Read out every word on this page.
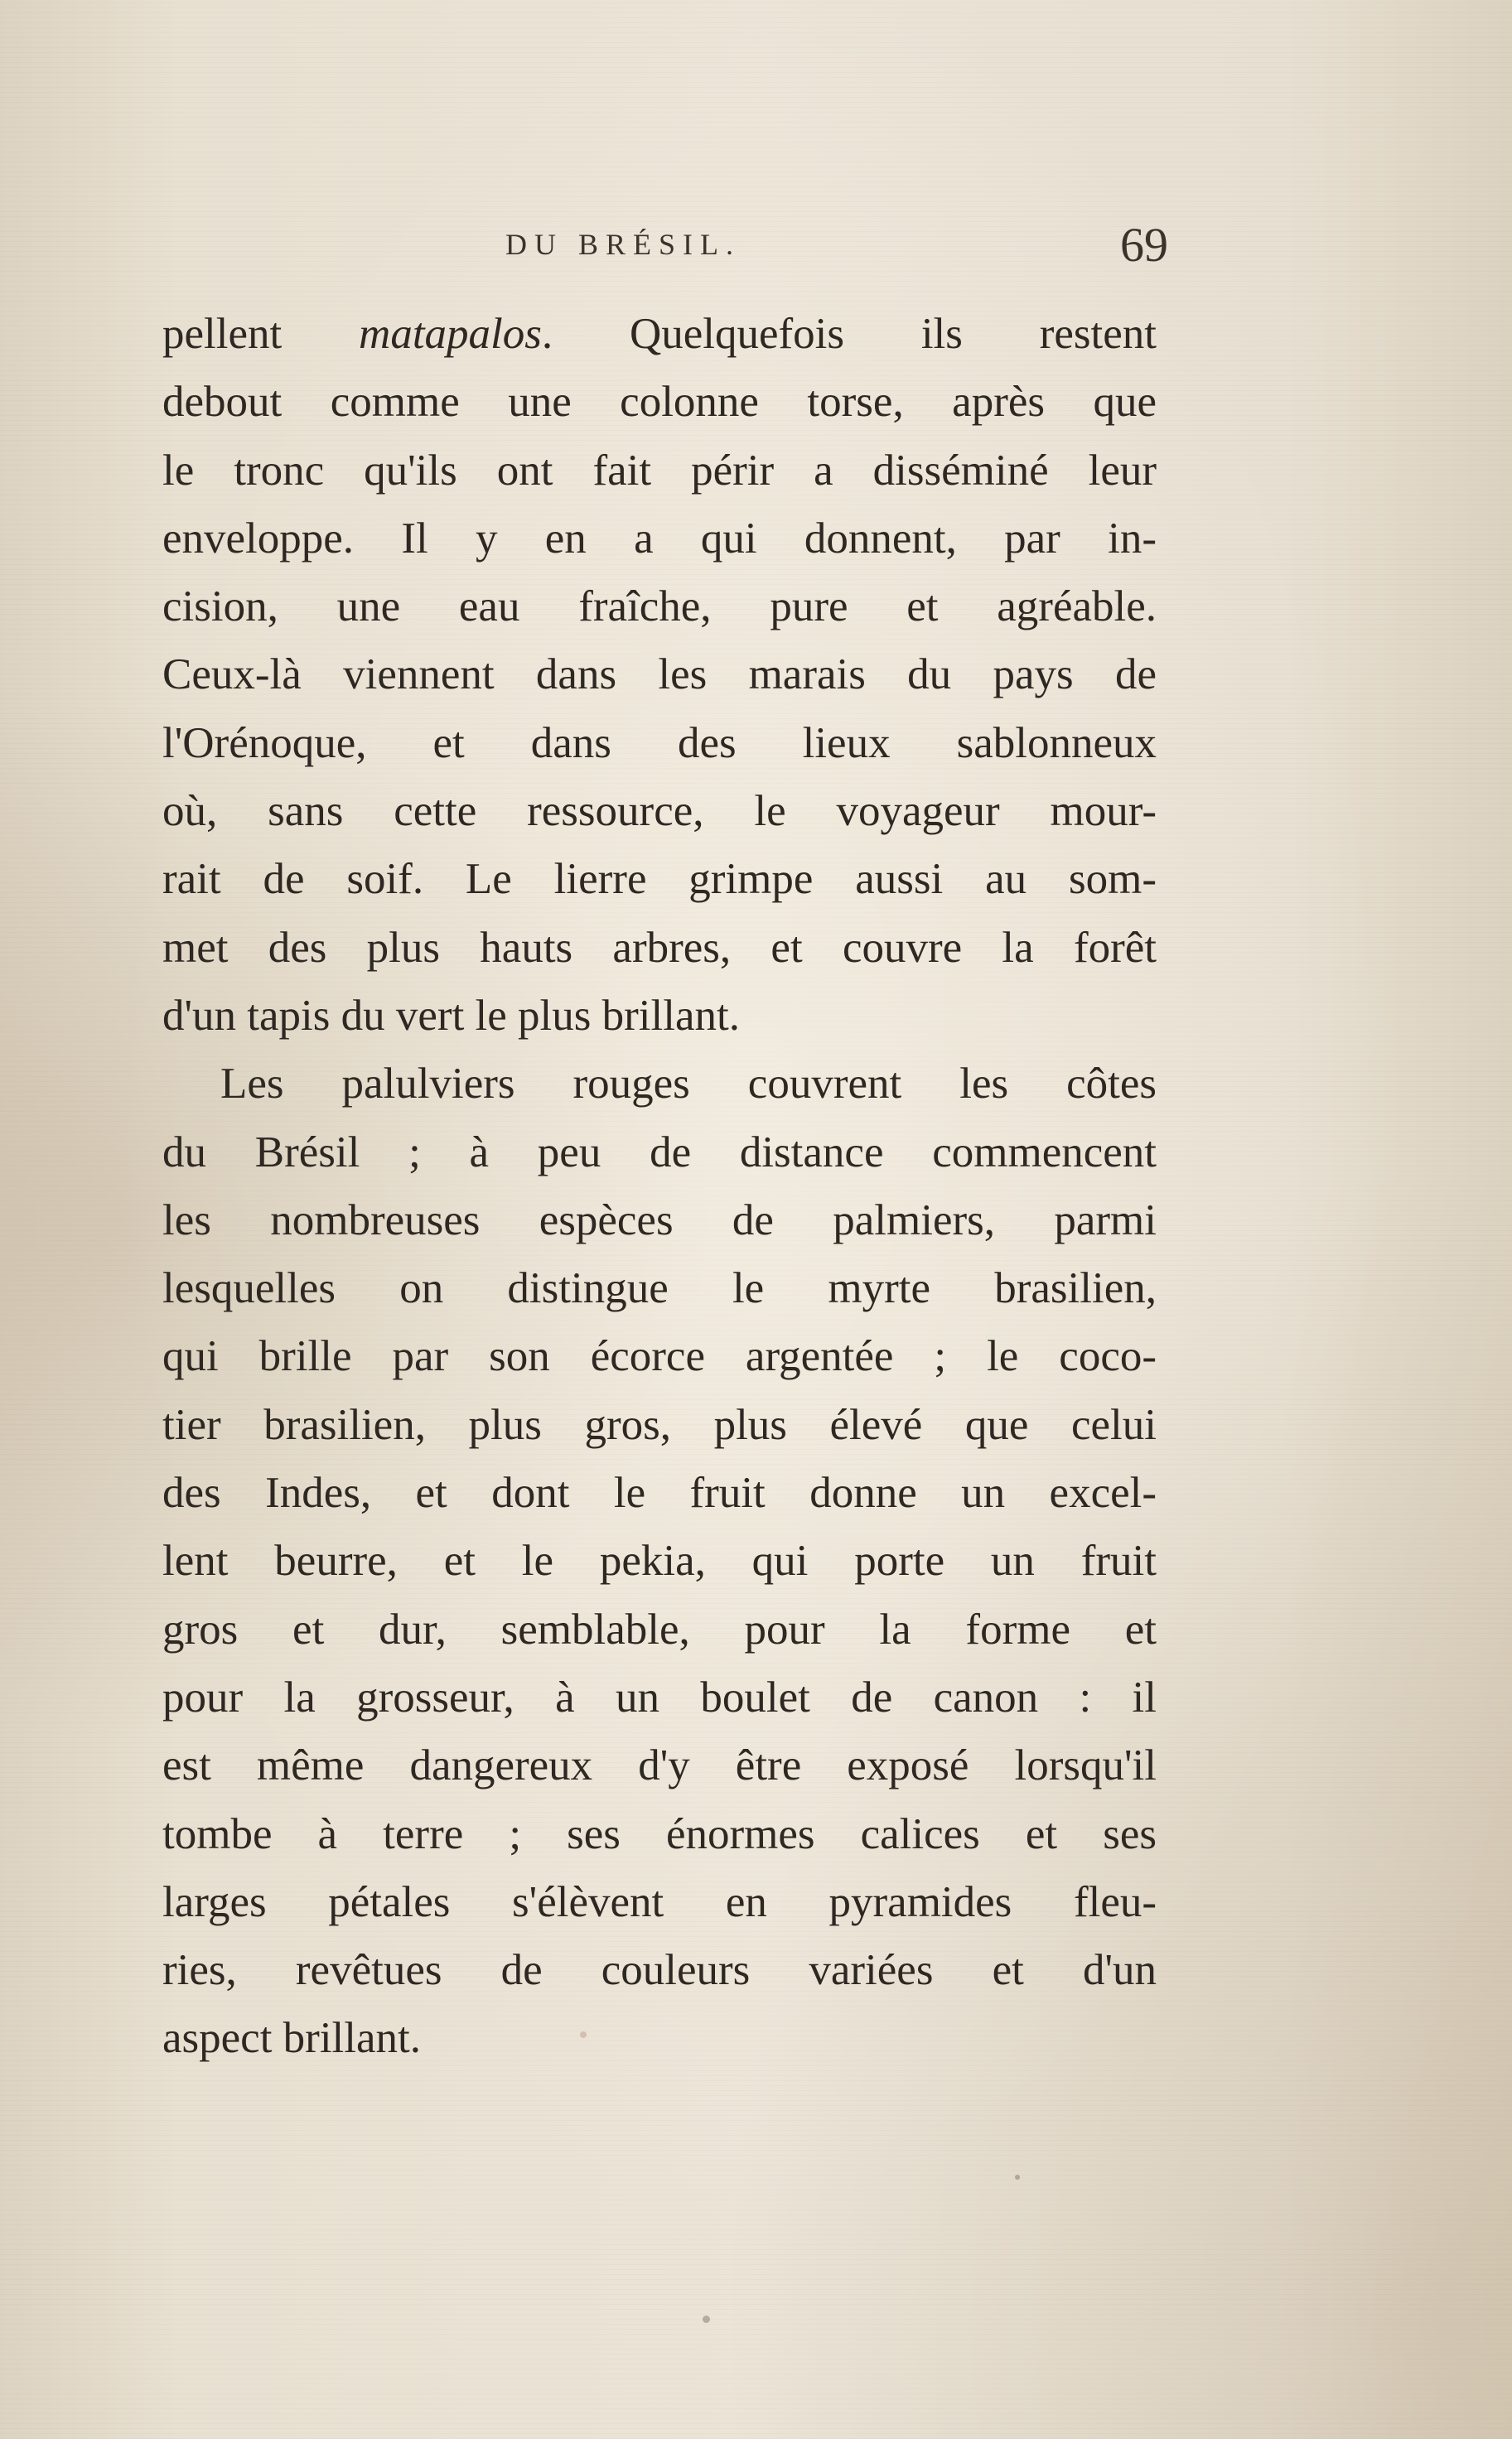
DU BRÉSIL.	69
pellent matapalos. Quelquefois ils restent
debout comme une colonne torse, après que
le tronc qu'ils ont fait périr a disséminé leur
enveloppe. Il y en a qui donnent, par in-
cision, une eau fraîche, pure et agréable.
Ceux-là viennent dans les marais du pays de
l'Orénoque, et dans des lieux sablonneux
où, sans cette ressource, le voyageur mour-
rait de soif. Le lierre grimpe aussi au som-
met des plus hauts arbres, et couvre la forêt
d'un tapis du vert le plus brillant.
Les palulviers rouges couvrent les côtes
du Brésil ; à peu de distance commencent
les nombreuses espèces de palmiers, parmi
lesquelles on distingue le myrte brasilien,
qui brille par son écorce argentée ; le coco-
tier brasilien, plus gros, plus élevé que celui
des Indes, et dont le fruit donne un excel-
lent beurre, et le pekia, qui porte un fruit
gros et dur, semblable, pour la forme et
pour la grosseur, à un boulet de canon : il
est même dangereux d'y être exposé lorsqu'il
tombe à terre ; ses énormes calices et ses
larges pétales s'élèvent en pyramides fleu-
ries, revêtues de couleurs variées et d'un
aspect brillant.
